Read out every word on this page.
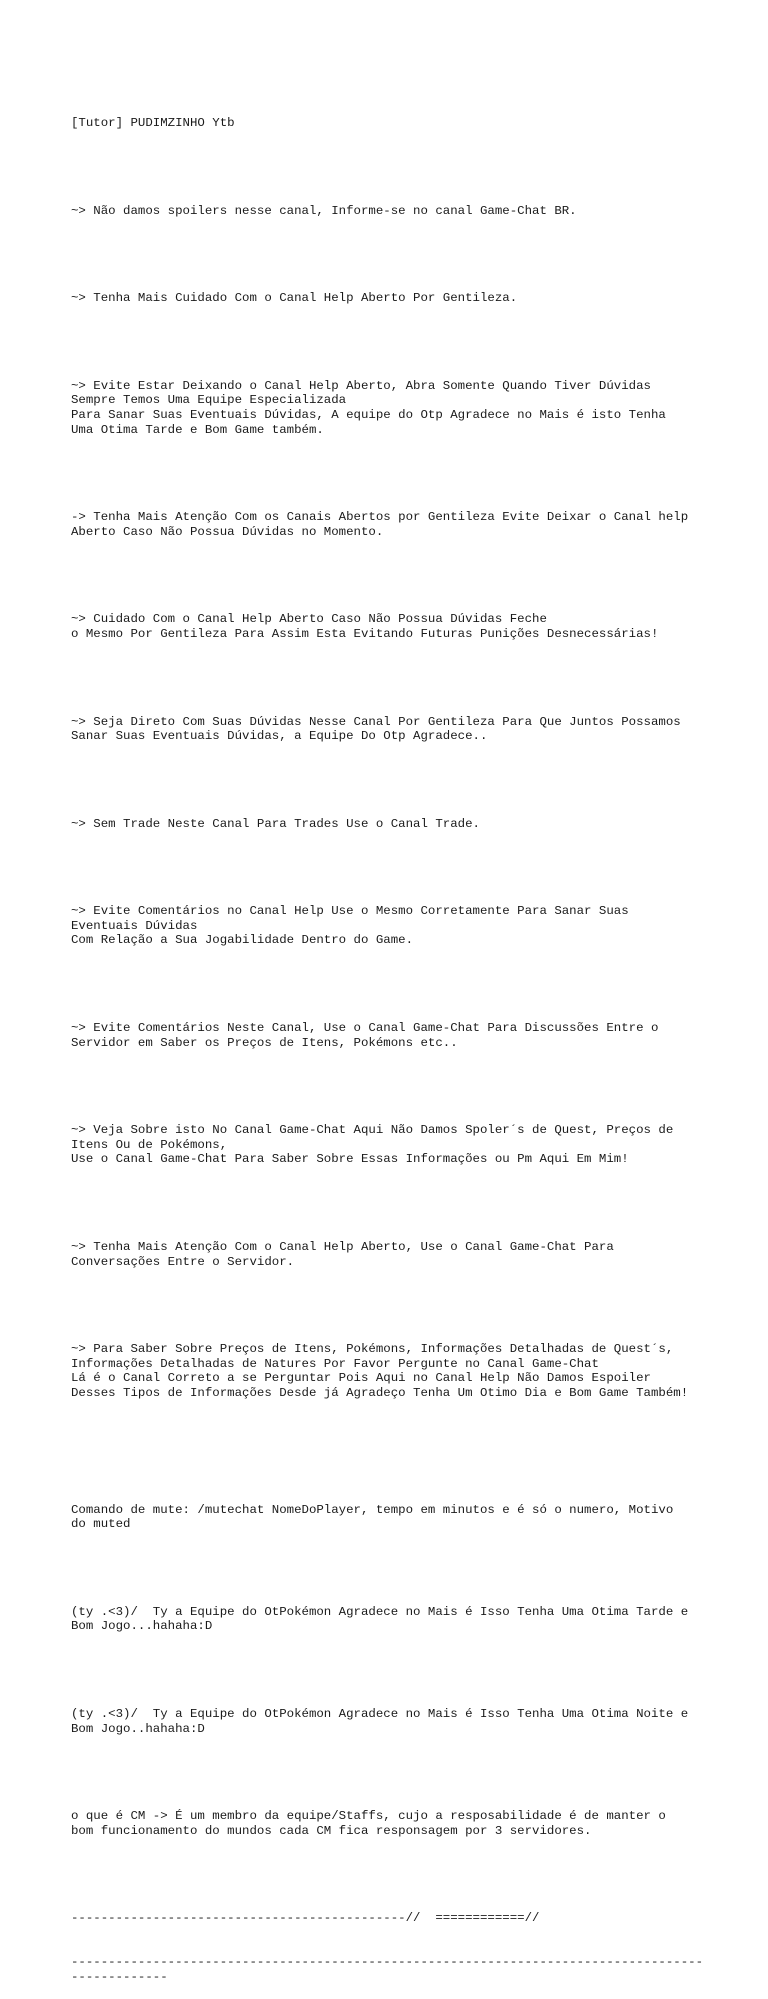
[Tutor] PUDIMZINHO Ytb

~> Não damos spoilers nesse canal, Informe-se no canal Game-Chat BR.

~> Tenha Mais Cuidado Com o Canal Help Aberto Por Gentileza.

~> Evite Estar Deixando o Canal Help Aberto, Abra Somente Quando Tiver Dúvidas
Sempre Temos Uma Equipe Especializada
Para Sanar Suas Eventuais Dúvidas, A equipe do Otp Agradece no Mais é isto Tenha
Uma Otima Tarde e Bom Game também.

-> Tenha Mais Atenção Com os Canais Abertos por Gentileza Evite Deixar o Canal help
Aberto Caso Não Possua Dúvidas no Momento.

~> Cuidado Com o Canal Help Aberto Caso Não Possua Dúvidas Feche
o Mesmo Por Gentileza Para Assim Esta Evitando Futuras Punições Desnecessárias!

~> Seja Direto Com Suas Dúvidas Nesse Canal Por Gentileza Para Que Juntos Possamos
Sanar Suas Eventuais Dúvidas, a Equipe Do Otp Agradece..

~> Sem Trade Neste Canal Para Trades Use o Canal Trade.

~> Evite Comentários no Canal Help Use o Mesmo Corretamente Para Sanar Suas
Eventuais Dúvidas
Com Relação a Sua Jogabilidade Dentro do Game.

~> Evite Comentários Neste Canal, Use o Canal Game-Chat Para Discussões Entre o
Servidor em Saber os Preços de Itens, Pokémons etc..

~> Veja Sobre isto No Canal Game-Chat Aqui Não Damos Spoler´s de Quest, Preços de
Itens Ou de Pokémons,
Use o Canal Game-Chat Para Saber Sobre Essas Informações ou Pm Aqui Em Mim!

~> Tenha Mais Atenção Com o Canal Help Aberto, Use o Canal Game-Chat Para
Conversações Entre o Servidor.

~> Para Saber Sobre Preços de Itens, Pokémons, Informações Detalhadas de Quest´s,
Informações Detalhadas de Natures Por Favor Pergunte no Canal Game-Chat
Lá é o Canal Correto a se Perguntar Pois Aqui no Canal Help Não Damos Espoiler
Desses Tipos de Informações Desde já Agradeço Tenha Um Otimo Dia e Bom Game Também!

Comando de mute: /mutechat NomeDoPlayer, tempo em minutos e é só o numero, Motivo
do muted

(ty .<3)/  Ty a Equipe do OtPokémon Agradece no Mais é Isso Tenha Uma Otima Tarde e
Bom Jogo...hahaha:D

(ty .<3)/  Ty a Equipe do OtPokémon Agradece no Mais é Isso Tenha Uma Otima Noite e
Bom Jogo..hahaha:D

o que é CM -> É um membro da equipe/Staffs, cujo a resposabilidade é de manter o
bom funcionamento do mundos cada CM fica responsagem por 3 servidores.

---------------------------------------------//  ============//

-------------------------------------------------------------------------------------
-------------
